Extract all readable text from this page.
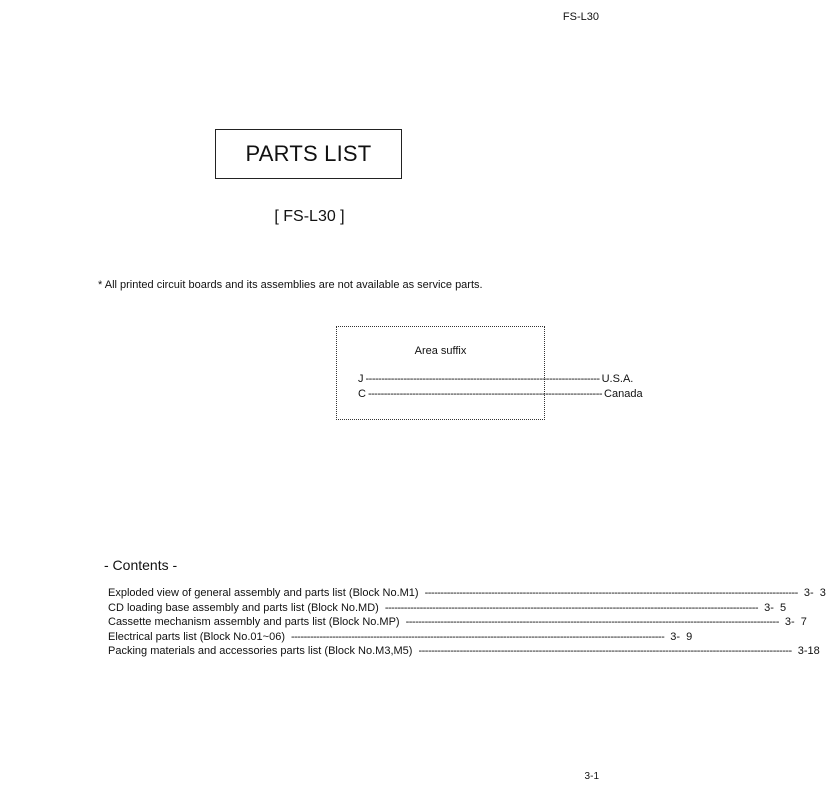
FS-L30
PARTS LIST
[ FS-L30 ]
* All printed circuit boards and its assemblies are not available as service parts.
Area suffix
J -------------------------------------------------------------------------- U.S.A.
C -------------------------------------------------------------------------- Canada
- Contents -
Exploded view of general assembly and parts list (Block No.M1) ---------------------------------------------------------------------------------------------------------------------- 3-  3
CD loading base assembly and parts list (Block No.MD) ---------------------------------------------------------------------------------------------------------------------- 3-  5
Cassette mechanism assembly and parts list (Block No.MP) ---------------------------------------------------------------------------------------------------------------------- 3-  7
Electrical parts list (Block No.01~06) ---------------------------------------------------------------------------------------------------------------------- 3-  9
Packing materials and accessories parts list (Block No.M3,M5) ---------------------------------------------------------------------------------------------------------------------- 3-18
3-1
